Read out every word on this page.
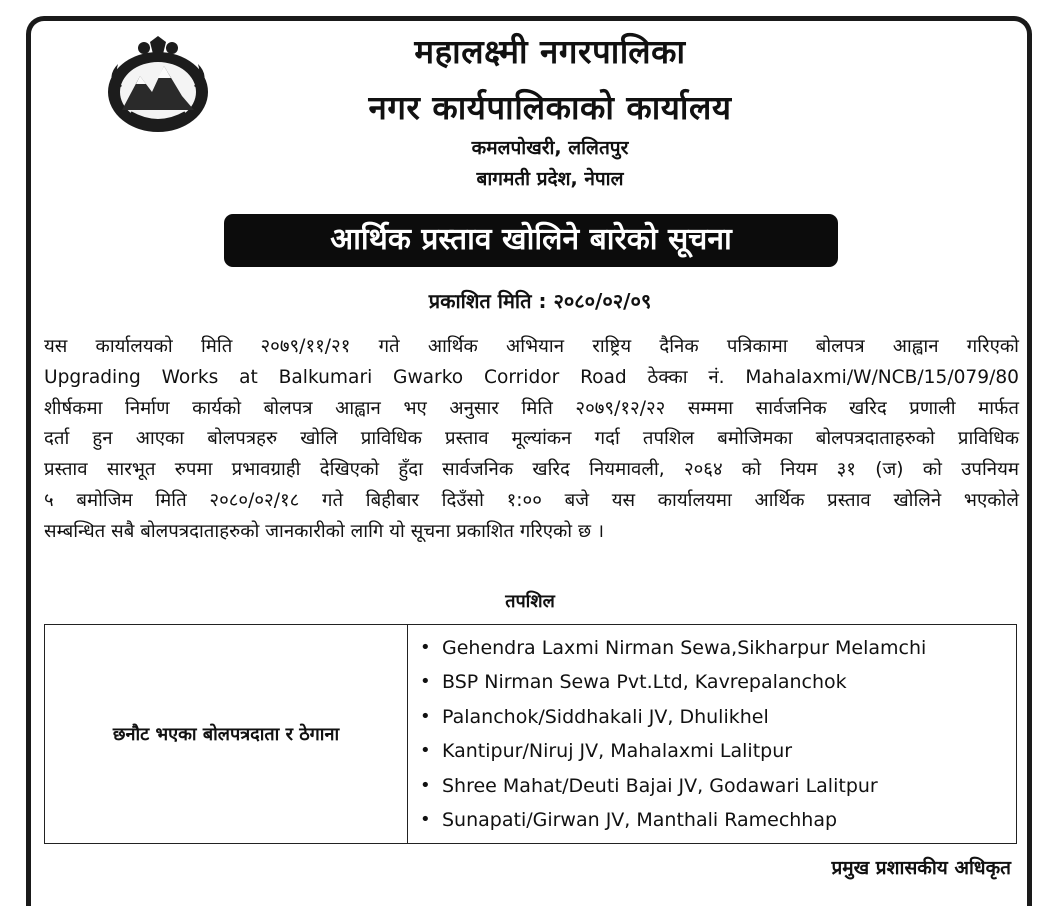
महालक्ष्मी नगरपालिका
नगर कार्यपालिकाको कार्यालय
कमलपोखरी, ललितपुर
बागमती प्रदेश, नेपाल
आर्थिक प्रस्ताव खोलिने बारेको सूचना
प्रकाशित मिति : २०८०/०२/०९
यस कार्यालयको मिति २०७९/११/२१ गते आर्थिक अभियान राष्ट्रिय दैनिक पत्रिकामा बोलपत्र आह्वान गरिएको
Upgrading Works at Balkumari Gwarko Corridor Road ठेक्का नं. Mahalaxmi/W/NCB/15/079/80
शीर्षकमा निर्माण कार्यको बोलपत्र आह्वान भए अनुसार मिति २०७९/१२/२२ सम्ममा सार्वजनिक खरिद प्रणाली मार्फत
दर्ता हुन आएका बोलपत्रहरु खोलि प्राविधिक प्रस्ताव मूल्यांकन गर्दा तपशिल बमोजिमका बोलपत्रदाताहरुको प्राविधिक
प्रस्ताव सारभूत रुपमा प्रभावग्राही देखिएको हुँदा सार्वजनिक खरिद नियमावली, २०६४ को नियम ३१ (ज) को उपनियम
५ बमोजिम मिति २०८०/०२/१८ गते बिहीबार दिउँसो १:०० बजे यस कार्यालयमा आर्थिक प्रस्ताव खोलिने भएकोले
सम्बन्धित सबै बोलपत्रदाताहरुको जानकारीको लागि यो सूचना प्रकाशित गरिएको छ ।
तपशिल
छनौट भएका बोलपत्रदाता र ठेगाना	
• Gehendra Laxmi Nirman Sewa,Sikharpur Melamchi
• BSP Nirman Sewa Pvt.Ltd, Kavrepalanchok
• Palanchok/Siddhakali JV, Dhulikhel
• Kantipur/Niruj JV, Mahalaxmi Lalitpur
• Shree Mahat/Deuti Bajai JV, Godawari Lalitpur
• Sunapati/Girwan JV, Manthali Ramechhap
प्रमुख प्रशासकीय अधिकृत
